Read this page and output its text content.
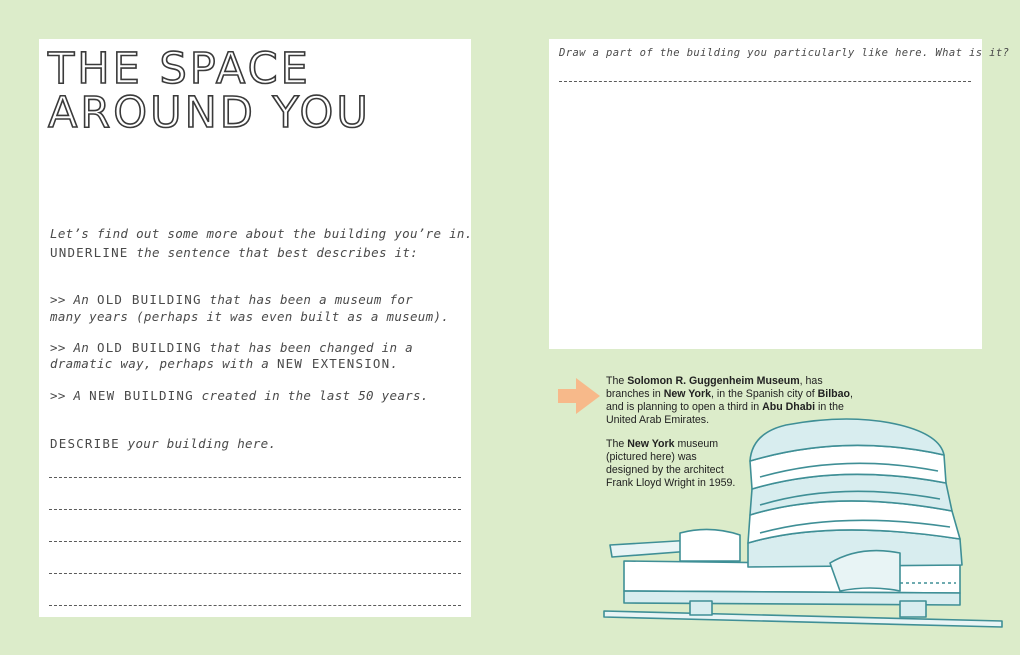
THE SPACE
AROUND YOU

Let’s find out some more about the building you’re in.

UNDERLINE the sentence that best describes it:

>> An OLD BUILDING that has been a museum for

many years (perhaps it was even built as a museum).

>> An OLD BUILDING that has been changed in a

dramatic way, perhaps with a NEW EXTENSION.

>> A NEW BUILDING created in the last 50 years.

DESCRIBE your building here.

Draw a part of the building you particularly like here. What is it?

The Solomon R. Guggenheim Museum, has branches in New York, in the Spanish city of Bilbao, and is planning to open a third in Abu Dhabi in the United Arab Emirates.

The New York museum (pictured here) was designed by the architect Frank Lloyd Wright in 1959.
